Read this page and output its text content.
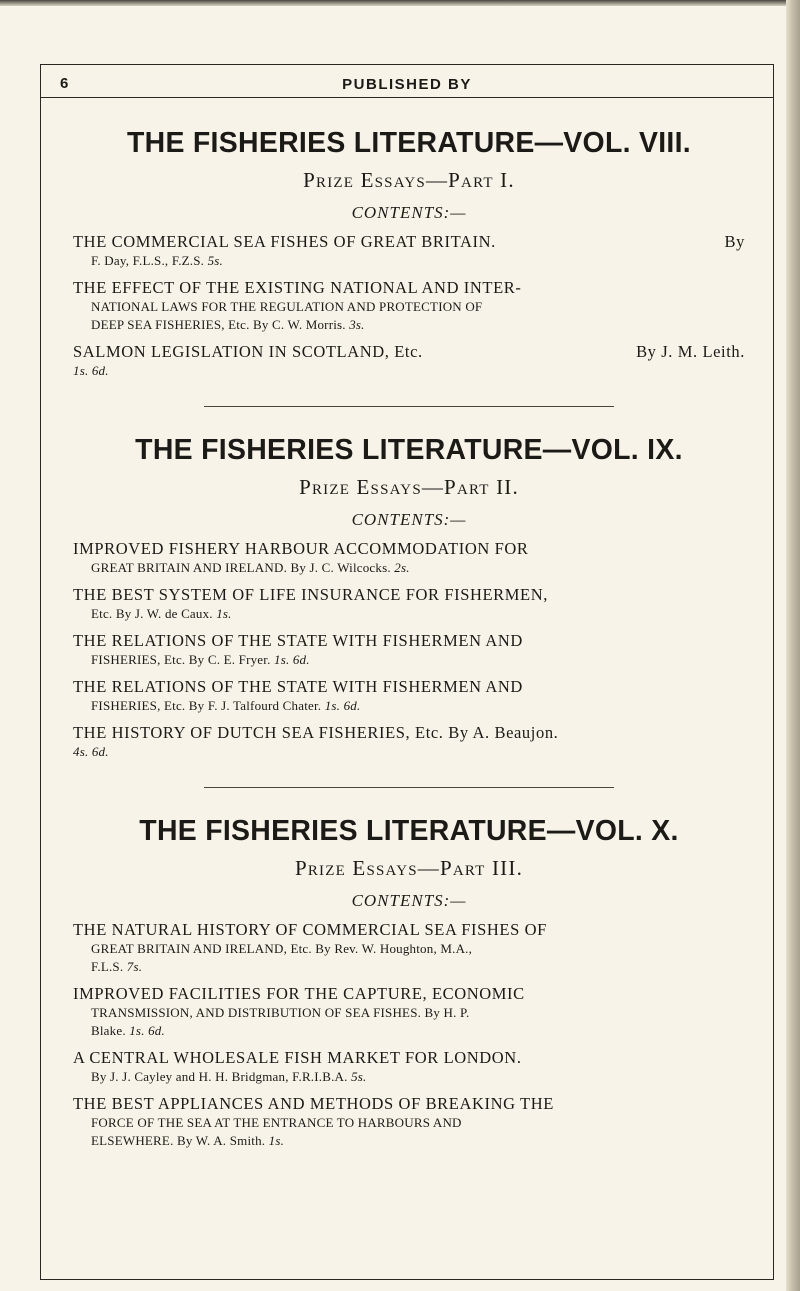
6	PUBLISHED BY
THE FISHERIES LITERATURE—VOL. VIII.

Prize Essays—Part I.

CONTENTS:—

THE COMMERCIAL SEA FISHES OF GREAT BRITAIN.	By

F. Day, F.L.S., F.Z.S. 5s.

THE EFFECT OF THE EXISTING NATIONAL AND INTER-

NATIONAL LAWS FOR THE REGULATION AND PROTECTION OF

DEEP SEA FISHERIES, Etc. By C. W. Morris. 3s.

SALMON LEGISLATION IN SCOTLAND, Etc.	By J. M. Leith.

1s. 6d.

THE FISHERIES LITERATURE—VOL. IX.

Prize Essays—Part II.

CONTENTS:—

IMPROVED FISHERY HARBOUR ACCOMMODATION FOR

GREAT BRITAIN AND IRELAND. By J. C. Wilcocks. 2s.

THE BEST SYSTEM OF LIFE INSURANCE FOR FISHERMEN,

Etc. By J. W. de Caux. 1s.

THE RELATIONS OF THE STATE WITH FISHERMEN AND

FISHERIES, Etc. By C. E. Fryer. 1s. 6d.

THE RELATIONS OF THE STATE WITH FISHERMEN AND

FISHERIES, Etc. By F. J. Talfourd Chater. 1s. 6d.

THE HISTORY OF DUTCH SEA FISHERIES, Etc. By A. Beaujon.

4s. 6d.

THE FISHERIES LITERATURE—VOL. X.

Prize Essays—Part III.

CONTENTS:—

THE NATURAL HISTORY OF COMMERCIAL SEA FISHES OF

GREAT BRITAIN AND IRELAND, Etc. By Rev. W. Houghton, M.A.,

F.L.S. 7s.

IMPROVED FACILITIES FOR THE CAPTURE, ECONOMIC

TRANSMISSION, AND DISTRIBUTION OF SEA FISHES. By H. P.

Blake. 1s. 6d.

A CENTRAL WHOLESALE FISH MARKET FOR LONDON.

By J. J. Cayley and H. H. Bridgman, F.R.I.B.A. 5s.

THE BEST APPLIANCES AND METHODS OF BREAKING THE

FORCE OF THE SEA AT THE ENTRANCE TO HARBOURS AND

ELSEWHERE. By W. A. Smith. 1s.
